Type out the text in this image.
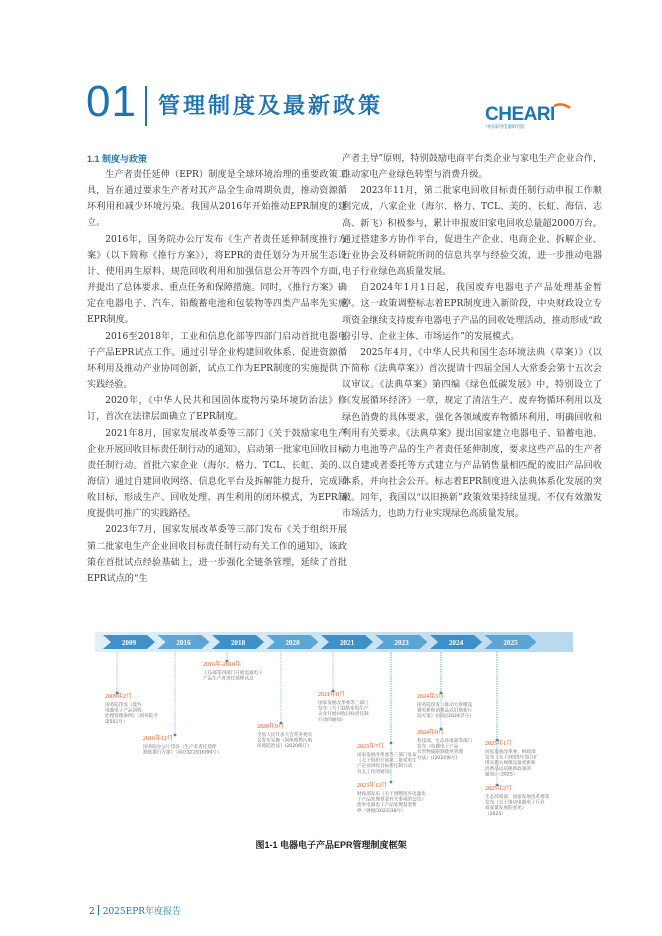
01 管理制度及最新政策	CHEARI
中国家用电器研究院
1.1 制度与政策

生产者责任延伸（EPR）制度是全球环境治理的重要政策工具，旨在通过要求生产者对其产品全生命周期负责，推动资源循环利用和减少环境污染。我国从2016年开始推动EPR制度的建立。

2016年，国务院办公厅发布《生产者责任延伸制度推行方案》（以下简称《推行方案》），将EPR的责任划分为开展生态设计、使用再生原料、规范回收利用和加强信息公开等四个方面，并提出了总体要求、重点任务和保障措施。同时，《推行方案》确定在电器电子、汽车、铅酸蓄电池和包装物等四类产品率先实施EPR制度。

2016至2018年，工业和信息化部等四部门启动首批电器电子产品EPR试点工作。通过引导企业构建回收体系、促进资源循环利用及推动产业协同创新，试点工作为EPR制度的实施提供了实践经验。

2020年，《中华人民共和国固体废物污染环境防治法》修订，首次在法律层面确立了EPR制度。

2021年8月，国家发展改革委等三部门《关于鼓励家电生产企业开展回收目标责任制行动的通知》，启动第一批家电回收目标责任制行动。首批六家企业（海尔、格力、TCL、长虹、美的、海信）通过自建回收网络、信息化平台及拆解能力提升，完成回收目标，形成生产、回收处理、再生利用的闭环模式，为EPR制度提供可推广的实践路径。

2023年7月，国家发展改革委等三部门发布《关于组织开展第二批家电生产企业回收目标责任制行动有关工作的通知》，该政策在首批试点经验基础上，进一步强化全链条管理，延续了首批EPR试点的“生

产者主导”原则，特别鼓励电商平台类企业与家电生产企业合作，推动家电产业绿色转型与消费升级。

2023年11月，第二批家电回收目标责任制行动申报工作顺利完成，八家企业（海尔、格力、TCL、美的、长虹、海信、志高、新飞）积极参与，累计申报废旧家电回收总量超2000万台。通过搭建多方协作平台，促进生产企业、电商企业、拆解企业、行业协会及科研院所间的信息共享与经验交流，进一步推动电器电子行业绿色高质量发展。

自2024年1月1日起，我国废弃电器电子产品处理基金暂停。这一政策调整标志着EPR制度进入新阶段，中央财政设立专项资金继续支持废弃电器电子产品的回收处理活动，推动形成“政府引导、企业主体、市场运作”的发展模式。

2025年4月，《中华人民共和国生态环境法典（草案）》（以下简称《法典草案》）首次提请十四届全国人大常委会第十五次会议审议。《法典草案》第四编《绿色低碳发展》中，特别设立了《发展循环经济》一章，规定了清洁生产、废弃物循环利用以及绿色消费的具体要求，强化各领域废弃物循环利用，明确回收和利用有关要求。《法典草案》提出国家建立电器电子、铅蓄电池、动力电池等产品的生产者责任延伸制度，要求这些产品的生产者以自建或者委托等方式建立与产品销售量相匹配的废旧产品回收体系，并向社会公开。标志着EPR制度进入法典体系化发展的突破。同年，我国以“以旧换新”政策效果持续显现。不仅有效激发市场活力，也助力行业实现绿色高质量发展。

2009	2016	2018	2020	2021	2023	2024	2025
2009年2月
国务院印发《废弃
电器电子产品回收
处理管理条例》（国务院令
第551号）
2016年12月
国务院办公厅印发《生产者责任延伸
制度推行方案》（国办发[2016]99号）
2016年-2018年
工信部等四部门开展电器电子
产品生产者责任延伸试点
2020年9月
全国人民代表大会常务委员
会发布实施《固体废物污染
环境防治法》(2020修订)
2021年8月
国家发展改革委等三部门
发布《关于鼓励家电生产
企业开展回收目标责任制
行动的通知》
2023年7月
国家发展改革委等三部门发布
《关于组织开展第二批家电生
产企业回收目标责任制行动
有关工作的通知》
2023年12月
财政部发布《关于调整废弃电器电
子产品处理基金有关事项的公告》
废弃电器电子产品处理基金暂
停（财税[2023]38号）
2024年3月
国务院印发《推动大规模设
备更新和消费品以旧换新行
动方案》(国发[2024]7号)
2024年9月
科技部、生态环境部等部门
发布《电器电子产品
有害物质限制使用管理
办法》([2024]6号)
2025年1月
国家发展改革委、财政部
发布《关于2025年加力扩
围实施大规模设备更新和
消费品以旧换新政策的
通知》（2025）
2025年2月
生态环境部、国家发展改革委等
发布《关于推动电器电子行业
高质量发展的意见》
（2025）
图1-1 电器电子产品EPR管理制度框架
2 2025EPR年度报告
